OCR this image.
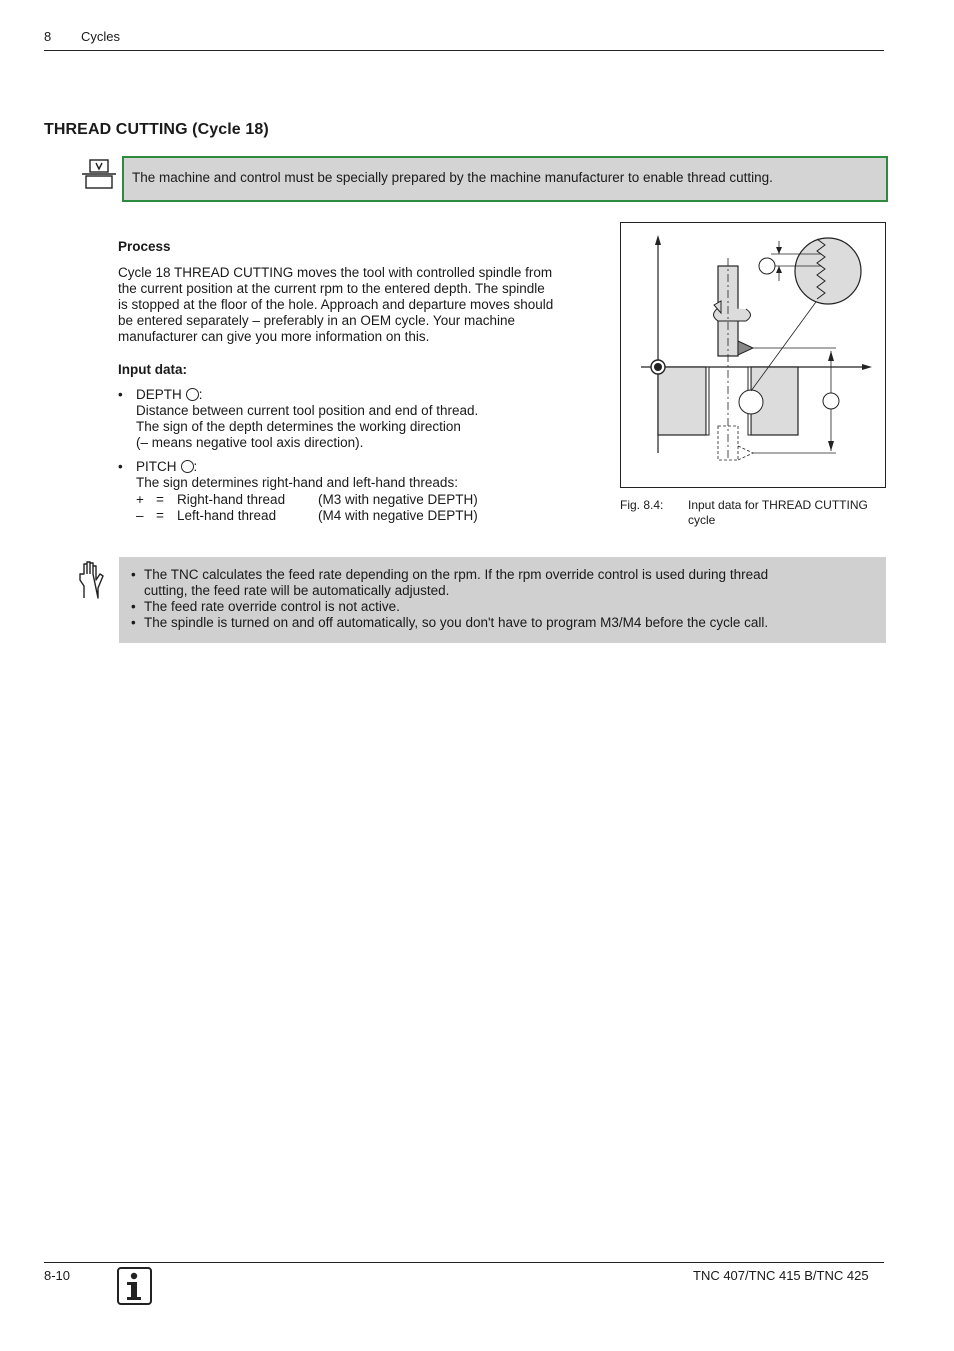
8 Cycles
THREAD CUTTING (Cycle 18)
The machine and control must be specially prepared by the machine manufacturer to enable thread cutting.
Process
Cycle 18 THREAD CUTTING moves the tool with controlled spindle from
the current position at the current rpm to the entered depth. The spindle
is stopped at the floor of the hole. Approach and departure moves should
be entered separately – preferably in an OEM cycle. Your machine
manufacturer can give you more information on this.
Input data:
• DEPTH :
Distance between current tool position and end of thread.
The sign of the depth determines the working direction
(– means negative tool axis direction).
• PITCH :
The sign determines right-hand and left-hand threads:
+ = Right-hand thread (M3 with negative DEPTH)
– = Left-hand thread	(M4 with negative DEPTH)
Fig. 8.4: Input data for THREAD CUTTING
cycle
• The TNC calculates the feed rate depending on the rpm. If the rpm override control is used during thread
cutting, the feed rate will be automatically adjusted.
• The feed rate override control is not active.
• The spindle is turned on and off automatically, so you don't have to program M3/M4 before the cycle call.
8-10	TNC 407/TNC 415 B/TNC 425
